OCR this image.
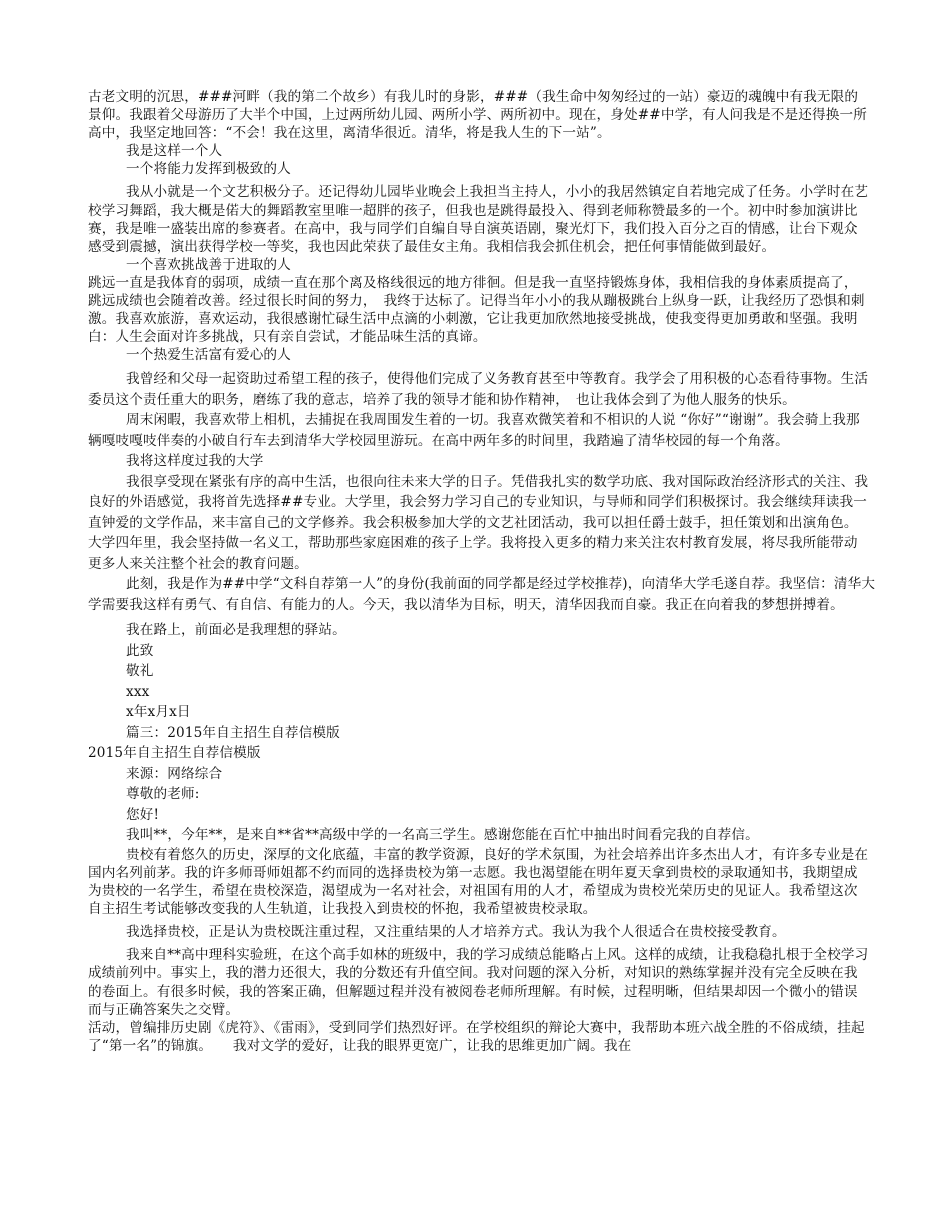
古老文明的沉思，###河畔（我的第二个故乡）有我儿时的身影，###（我生命中匆匆经过的一站）豪迈的魂魄中有我无限的景仰。我跟着父母游历了大半个中国，上过两所幼儿园、两所小学、两所初中。现在，身处##中学，有人问我是不是还得换一所高中，我坚定地回答：“不会！我在这里，离清华很近。清华，将是我人生的下一站”。

我是这样一个人

一个将能力发挥到极致的人

我从小就是一个文艺积极分子。还记得幼儿园毕业晚会上我担当主持人，小小的我居然镇定自若地完成了任务。小学时在艺校学习舞蹈，我大概是偌大的舞蹈教室里唯一超胖的孩子，但我也是跳得最投入、得到老师称赞最多的一个。初中时参加演讲比赛，我是唯一盛装出席的参赛者。在高中，我与同学们自编自导自演英语剧，聚光灯下，我们投入百分之百的情感，让台下观众感受到震撼，演出获得学校一等奖，我也因此荣获了最佳女主角。我相信我会抓住机会，把任何事情能做到最好。

一个喜欢挑战善于进取的人

跳远一直是我体育的弱项，成绩一直在那个离及格线很远的地方徘徊。但是我一直坚持锻炼身体，我相信我的身体素质提高了，跳远成绩也会随着改善。经过很长时间的努力，　我终于达标了。记得当年小小的我从蹦极跳台上纵身一跃，让我经历了恐惧和刺激。我喜欢旅游，喜欢运动，我很感谢忙碌生活中点滴的小刺激，它让我更加欣然地接受挑战，使我变得更加勇敢和坚强。我明白：人生会面对许多挑战，只有亲自尝试，才能品味生活的真谛。

一个热爱生活富有爱心的人

我曾经和父母一起资助过希望工程的孩子，使得他们完成了义务教育甚至中等教育。我学会了用积极的心态看待事物。生活委员这个责任重大的职务，磨练了我的意志，培养了我的领导才能和协作精神，　也让我体会到了为他人服务的快乐。

周末闲暇，我喜欢带上相机，去捕捉在我周围发生着的一切。我喜欢微笑着和不相识的人说 “你好”“谢谢”。我会骑上我那辆嘎吱嘎吱伴奏的小破自行车去到清华大学校园里游玩。在高中两年多的时间里，我踏遍了清华校园的每一个角落。

我将这样度过我的大学

我很享受现在紧张有序的高中生活，也很向往未来大学的日子。凭借我扎实的数学功底、我对国际政治经济形式的关注、我良好的外语感觉，我将首先选择##专业。大学里，我会努力学习自己的专业知识，与导师和同学们积极探讨。我会继续拜读我一直钟爱的文学作品，来丰富自己的文学修养。我会积极参加大学的文艺社团活动，我可以担任爵士鼓手，担任策划和出演角色。大学四年里，我会坚持做一名义工，帮助那些家庭困难的孩子上学。我将投入更多的精力来关注农村教育发展，将尽我所能带动更多人来关注整个社会的教育问题。

此刻，我是作为##中学“文科自荐第一人”的身份(我前面的同学都是经过学校推荐)，向清华大学毛遂自荐。我坚信：清华大学需要我这样有勇气、有自信、有能力的人。今天，我以清华为目标，明天，清华因我而自豪。我正在向着我的梦想拼搏着。

我在路上，前面必是我理想的驿站。

此致

敬礼

xxx

x年x月x日

篇三：2015年自主招生自荐信模版

2015年自主招生自荐信模版

来源：网络综合

尊敬的老师:

您好!

我叫**，今年**，是来自**省**高级中学的一名高三学生。感谢您能在百忙中抽出时间看完我的自荐信。

贵校有着悠久的历史，深厚的文化底蕴，丰富的教学资源，良好的学术氛围，为社会培养出许多杰出人才，有许多专业是在国内名列前茅。我的许多师哥师姐都不约而同的选择贵校为第一志愿。我也渴望能在明年夏天拿到贵校的录取通知书，我期望成为贵校的一名学生，希望在贵校深造，渴望成为一名对社会，对祖国有用的人才，希望成为贵校光荣历史的见证人。我希望这次自主招生考试能够改变我的人生轨道，让我投入到贵校的怀抱，我希望被贵校录取。

我选择贵校，正是认为贵校既注重过程，又注重结果的人才培养方式。我认为我个人很适合在贵校接受教育。

我来自**高中理科实验班，在这个高手如林的班级中，我的学习成绩总能略占上风。这样的成绩，让我稳稳扎根于全校学习成绩前列中。事实上，我的潜力还很大，我的分数还有升值空间。我对问题的深入分析，对知识的熟练掌握并没有完全反映在我的卷面上。有很多时候，我的答案正确，但解题过程并没有被阅卷老师所理解。有时候，过程明晰，但结果却因一个微小的错误而与正确答案失之交臂。

活动，曾编排历史剧《虎符》、《雷雨》，受到同学们热烈好评。在学校组织的辩论大赛中，我帮助本班六战全胜的不俗成绩，挂起了“第一名”的锦旗。　　我对文学的爱好，让我的眼界更宽广，让我的思维更加广阔。我在
